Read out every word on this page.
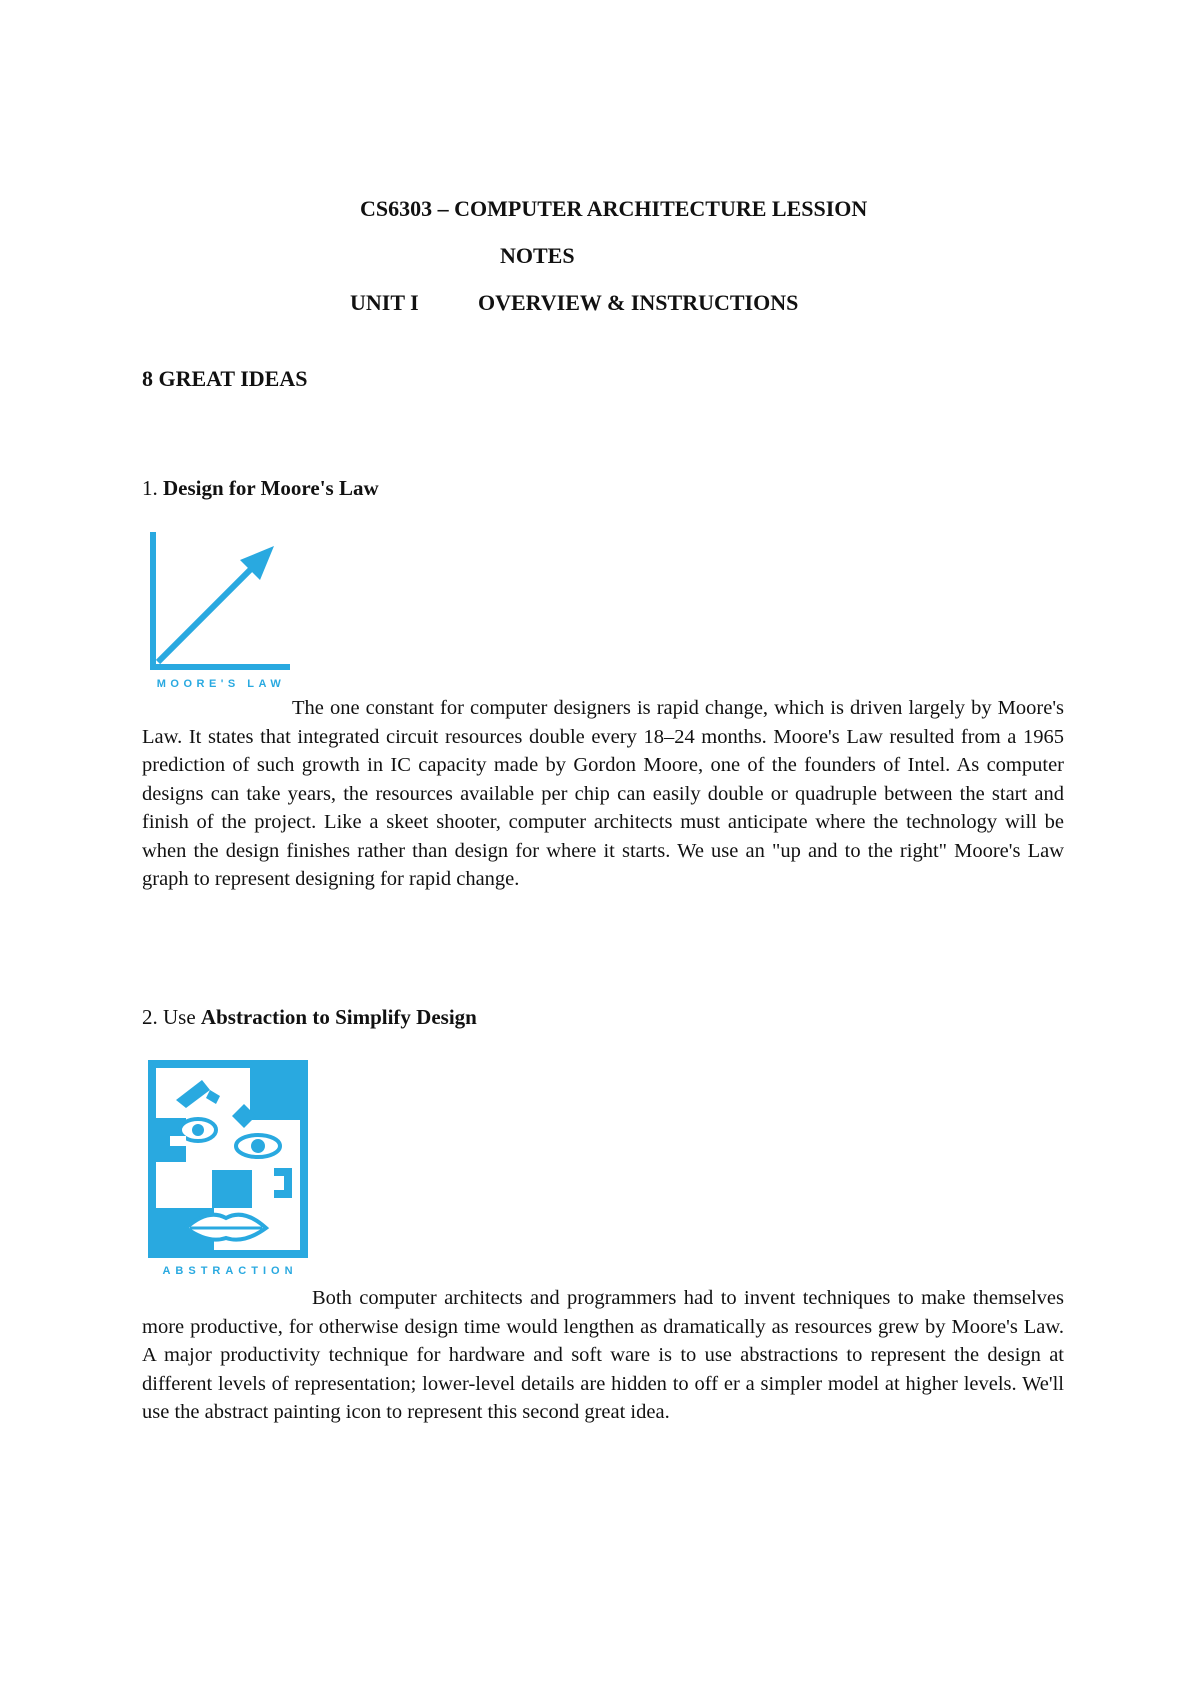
CS6303 – COMPUTER ARCHITECTURE LESSION
NOTES
UNIT I	OVERVIEW & INSTRUCTIONS
8 GREAT IDEAS
1. Design for Moore's Law
MOORE'S LAW

The one constant for computer designers is rapid change, which is driven largely by Moore's Law. It states that integrated circuit resources double every 18–24 months. Moore's Law resulted from a 1965 prediction of such growth in IC capacity made by Gordon Moore, one of the founders of Intel. As computer designs can take years, the resources available per chip can easily double or quadruple between the start and finish of the project. Like a skeet shooter, computer architects must anticipate where the technology will be when the design finishes rather than design for where it starts. We use an "up and to the right" Moore's Law graph to represent designing for rapid change.

2. Use Abstraction to Simplify Design
ABSTRACTION

Both computer architects and programmers had to invent techniques to make themselves more productive, for otherwise design time would lengthen as dramatically as resources grew by Moore's Law. A major productivity technique for hardware and soft ware is to use abstractions to represent the design at different levels of representation; lower-level details are hidden to off er a simpler model at higher levels. We'll use the abstract painting icon to represent this second great idea.
